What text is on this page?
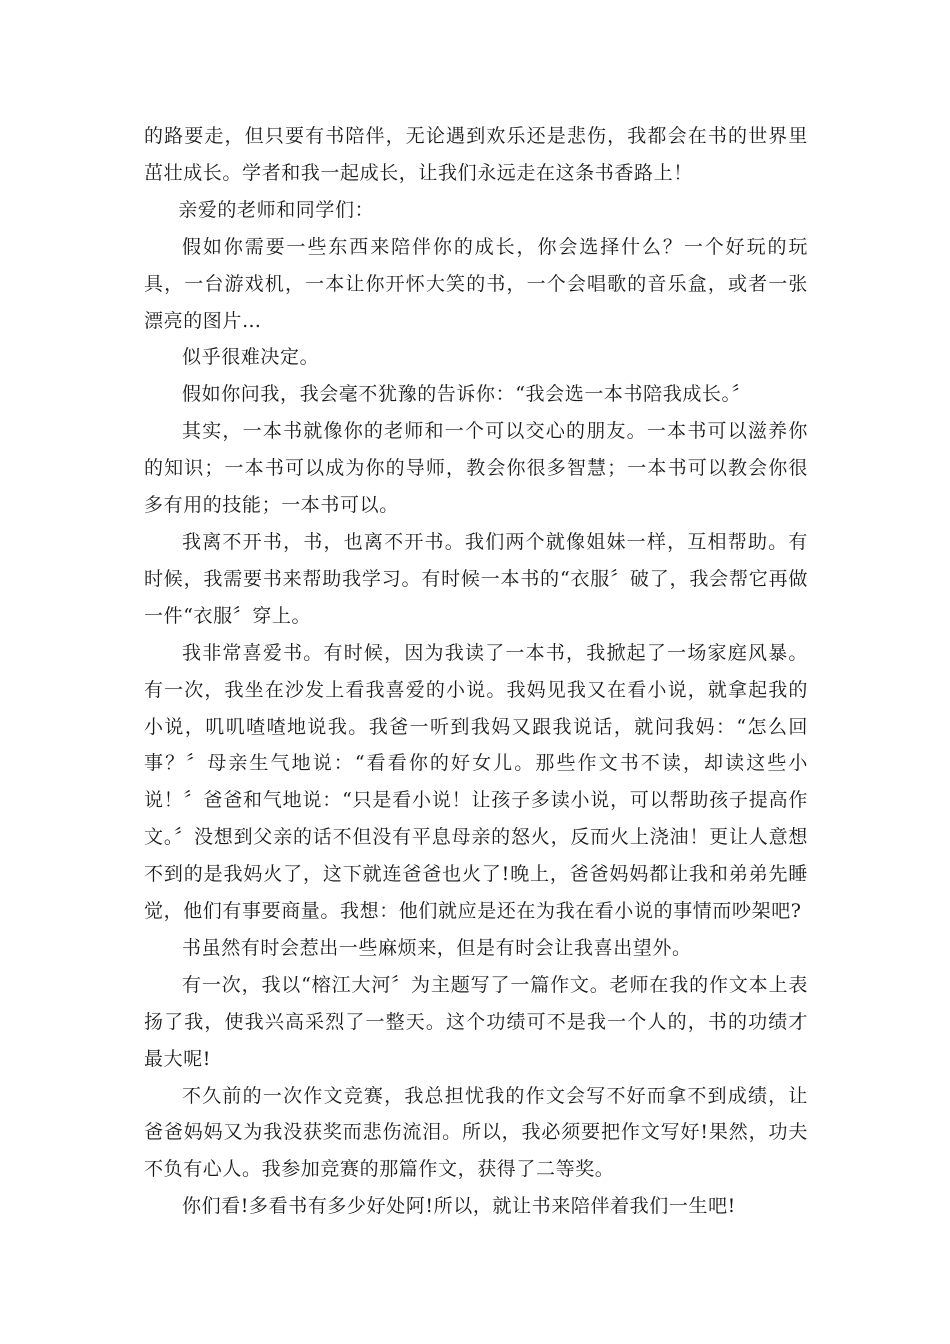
的路要走，但只要有书陪伴，无论遇到欢乐还是悲伤，我都会在书的世界里茁壮成长。学者和我一起成长，让我们永远走在这条书香路上！

亲爱的老师和同学们：

假如你需要一些东西来陪伴你的成长，你会选择什么？一个好玩的玩具，一台游戏机，一本让你开怀大笑的书，一个会唱歌的音乐盒，或者一张漂亮的图片…

似乎很难决定。

假如你问我，我会毫不犹豫的告诉你：“我会选一本书陪我成长。〞

其实，一本书就像你的老师和一个可以交心的朋友。一本书可以滋养你的知识；一本书可以成为你的导师，教会你很多智慧；一本书可以教会你很多有用的技能；一本书可以。

我离不开书，书，也离不开书。我们两个就像姐妹一样，互相帮助。有时候，我需要书来帮助我学习。有时候一本书的“衣服〞破了，我会帮它再做一件“衣服〞穿上。

我非常喜爱书。有时候，因为我读了一本书，我掀起了一场家庭风暴。有一次，我坐在沙发上看我喜爱的小说。我妈见我又在看小说，就拿起我的小说，叽叽喳喳地说我。我爸一听到我妈又跟我说话，就问我妈：“怎么回事？〞母亲生气地说：“看看你的好女儿。那些作文书不读，却读这些小说！〞爸爸和气地说：“只是看小说！让孩子多读小说，可以帮助孩子提高作文。〞没想到父亲的话不但没有平息母亲的怒火，反而火上浇油！更让人意想不到的是我妈火了，这下就连爸爸也火了!晚上，爸爸妈妈都让我和弟弟先睡觉，他们有事要商量。我想：他们就应是还在为我在看小说的事情而吵架吧?

书虽然有时会惹出一些麻烦来，但是有时会让我喜出望外。

有一次，我以“榕江大河〞为主题写了一篇作文。老师在我的作文本上表扬了我，使我兴高采烈了一整天。这个功绩可不是我一个人的，书的功绩才最大呢!

不久前的一次作文竞赛，我总担忧我的作文会写不好而拿不到成绩，让爸爸妈妈又为我没获奖而悲伤流泪。所以，我必须要把作文写好!果然，功夫不负有心人。我参加竞赛的那篇作文，获得了二等奖。

你们看!多看书有多少好处阿!所以，就让书来陪伴着我们一生吧!
